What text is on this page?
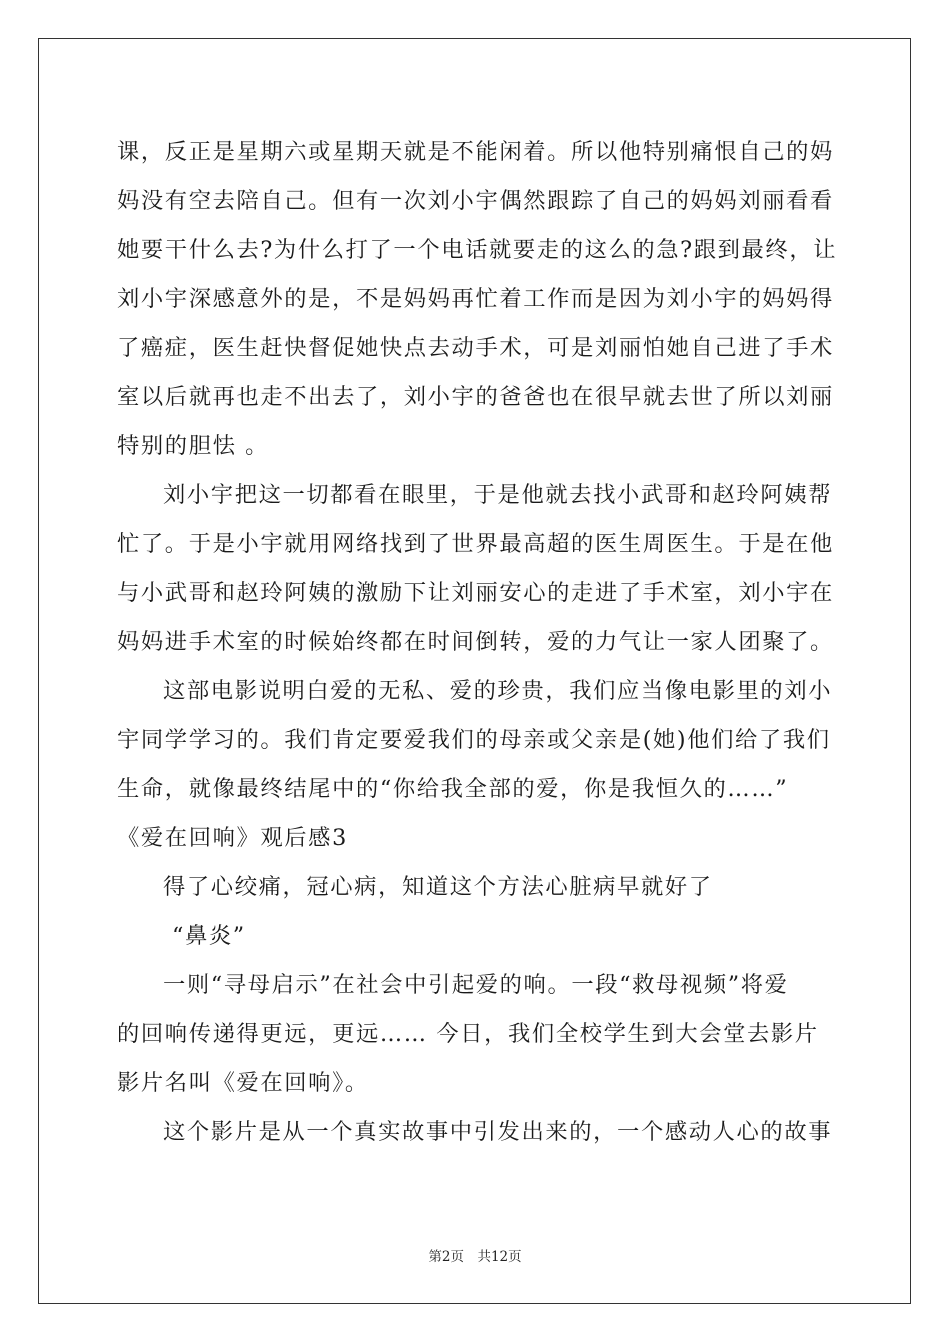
课，反正是星期六或星期天就是不能闲着。所以他特别痛恨自己的妈
妈没有空去陪自己。但有一次刘小宇偶然跟踪了自己的妈妈刘丽看看
她要干什么去?为什么打了一个电话就要走的这么的急?跟到最终，让
刘小宇深感意外的是，不是妈妈再忙着工作而是因为刘小宇的妈妈得
了癌症，医生赶快督促她快点去动手术，可是刘丽怕她自己进了手术
室以后就再也走不出去了，刘小宇的爸爸也在很早就去世了所以刘丽
特别的胆怯 。
刘小宇把这一切都看在眼里，于是他就去找小武哥和赵玲阿姨帮
忙了。于是小宇就用网络找到了世界最高超的医生周医生。于是在他
与小武哥和赵玲阿姨的激励下让刘丽安心的走进了手术室，刘小宇在
妈妈进手术室的时候始终都在时间倒转，爱的力气让一家人团聚了。
这部电影说明白爱的无私、爱的珍贵，我们应当像电影里的刘小
宇同学学习的。我们肯定要爱我们的母亲或父亲是(她)他们给了我们
生命，就像最终结尾中的“你给我全部的爱，你是我恒久的……”
《爱在回响》观后感3
得了心绞痛，冠心病，知道这个方法心脏病早就好了
“鼻炎”
一则“寻母启示”在社会中引起爱的响。一段“救母视频”将爱
的回响传递得更远，更远…… 今日，我们全校学生到大会堂去影片
影片名叫《爱在回响》。
这个影片是从一个真实故事中引发出来的，一个感动人心的故事
第2页　共12页
